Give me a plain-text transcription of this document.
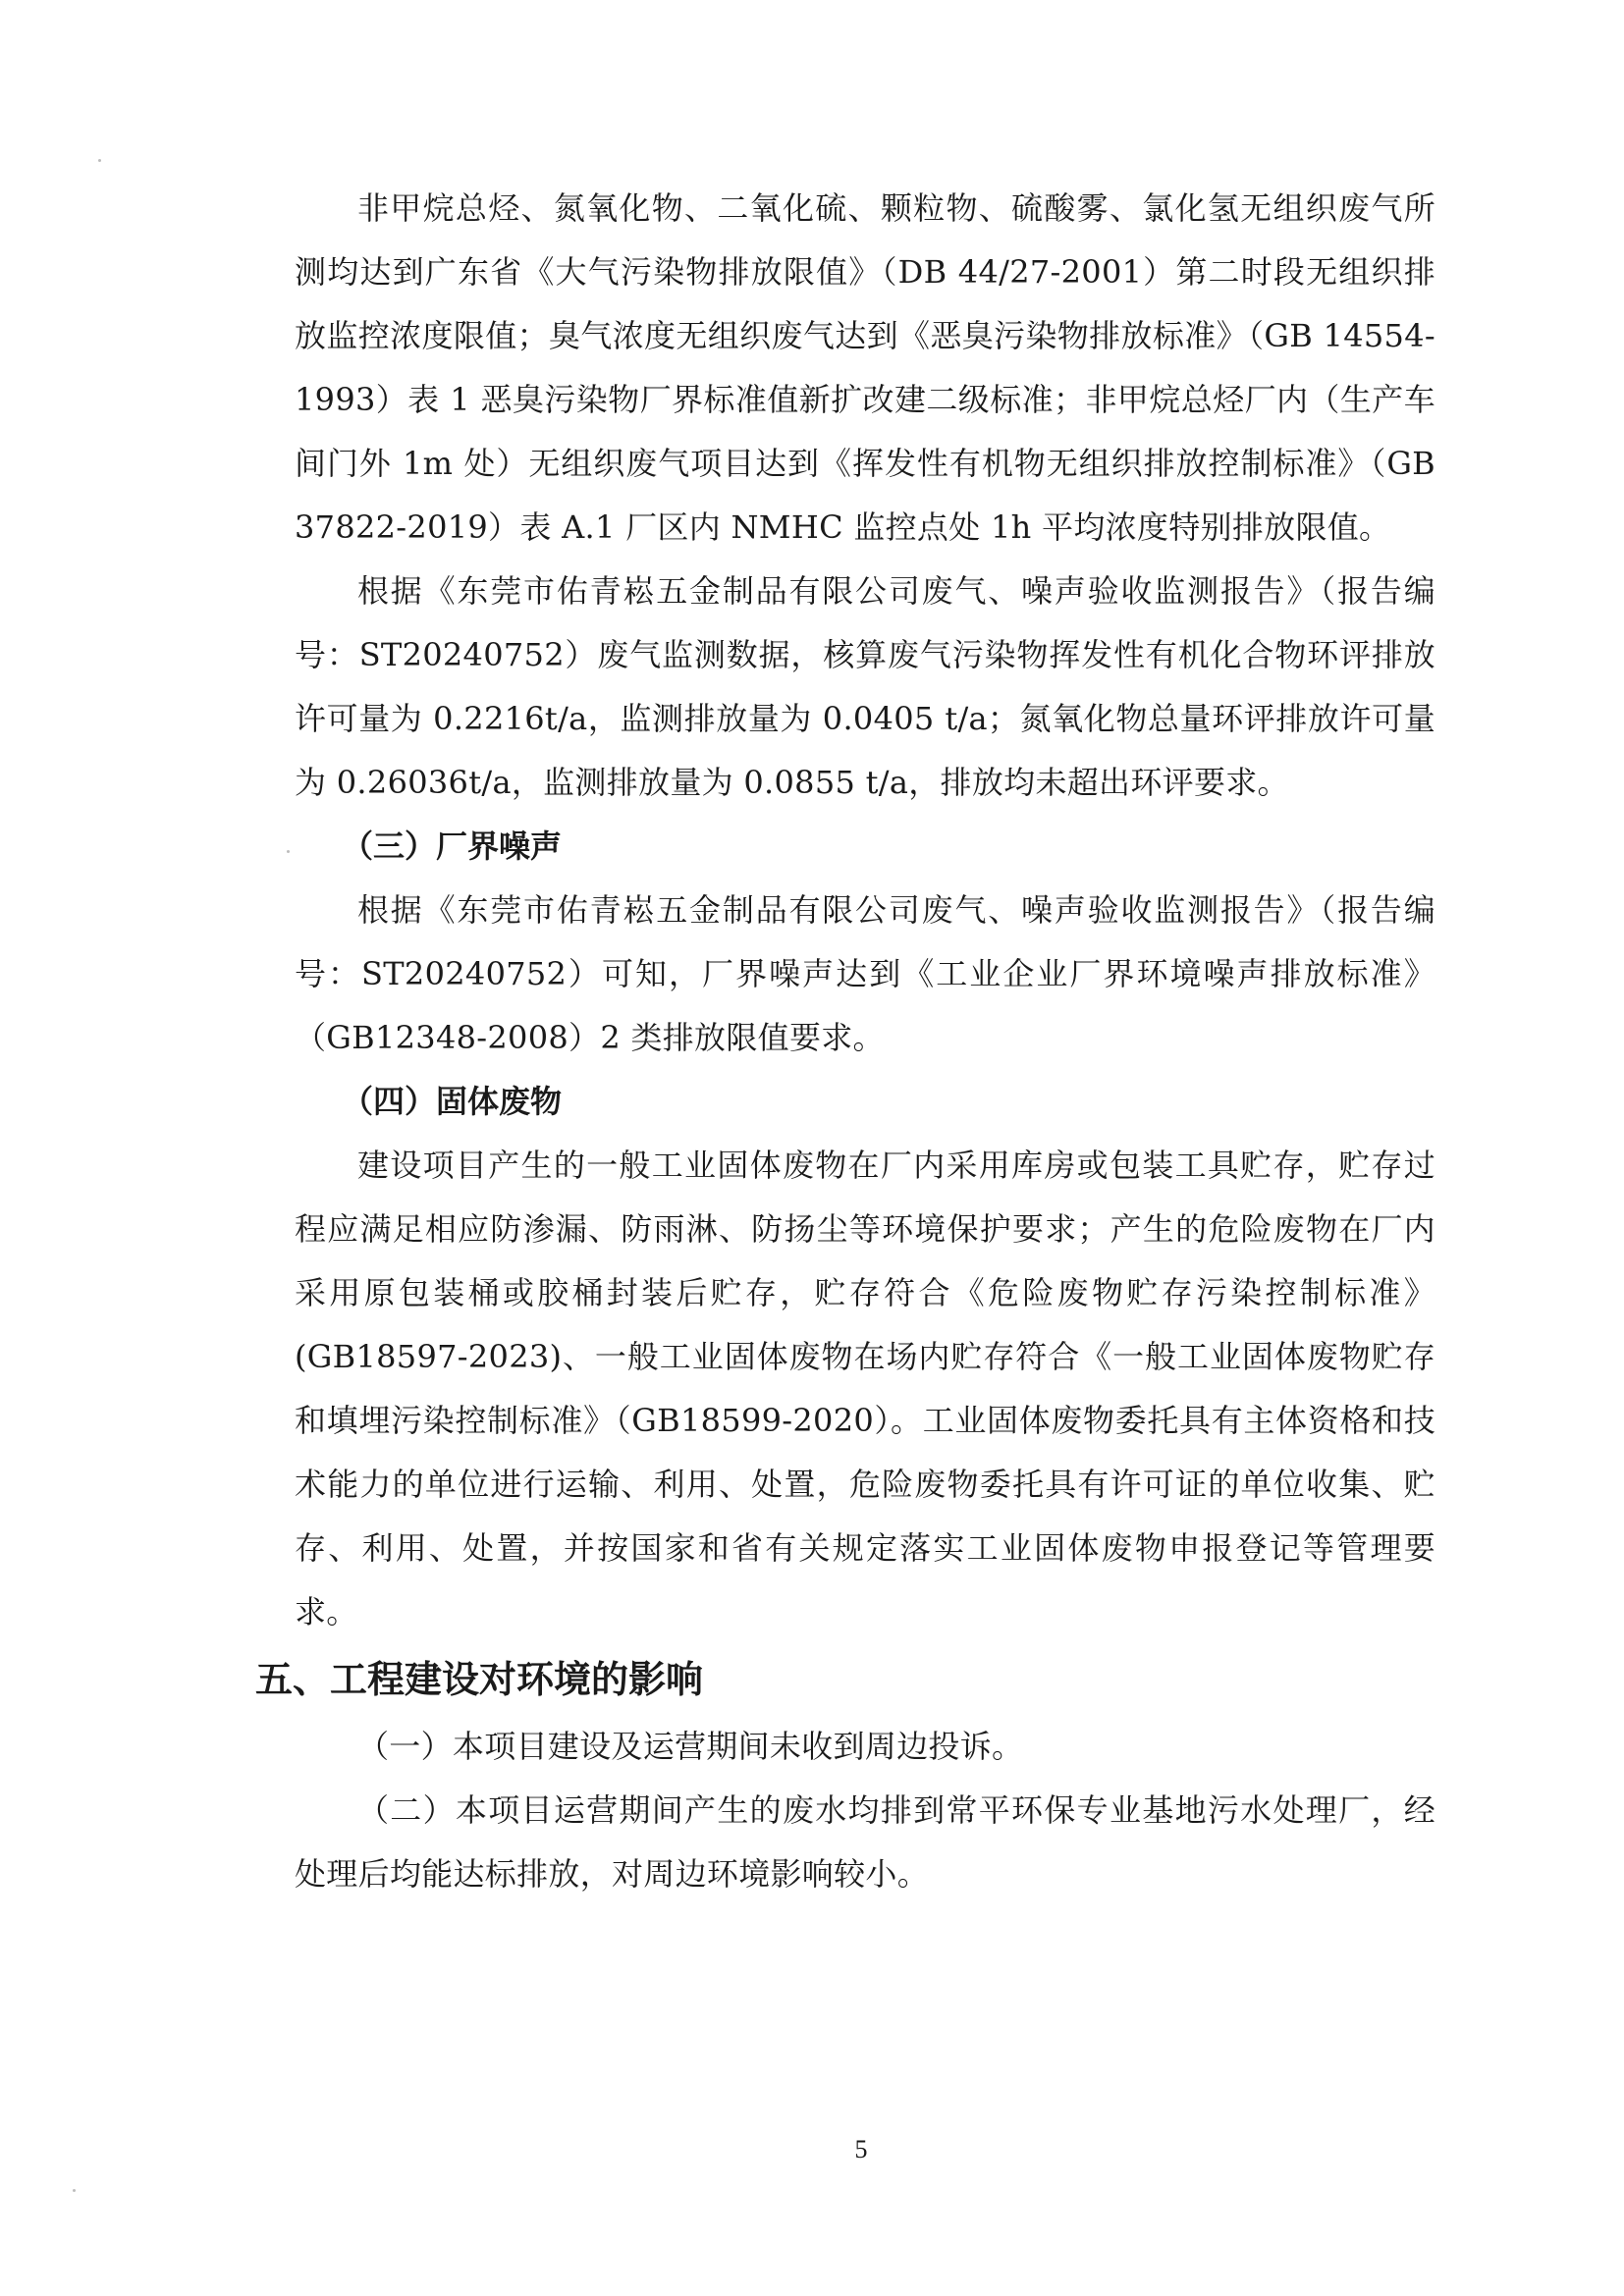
非甲烷总烃、氮氧化物、二氧化硫、颗粒物、硫酸雾、氯化氢无组织废气所测均达到广东省《大气污染物排放限值》（DB 44/27-2001）第二时段无组织排放监控浓度限值；臭气浓度无组织废气达到《恶臭污染物排放标准》（GB 14554-1993）表 1 恶臭污染物厂界标准值新扩改建二级标准；非甲烷总烃厂内（生产车间门外 1m 处）无组织废气项目达到《挥发性有机物无组织排放控制标准》（GB 37822-2019）表 A.1 厂区内 NMHC 监控点处 1h 平均浓度特别排放限值。

根据《东莞市佑青崧五金制品有限公司废气、噪声验收监测报告》（报告编号：ST20240752）废气监测数据，核算废气污染物挥发性有机化合物环评排放许可量为 0.2216t/a，监测排放量为 0.0405 t/a；氮氧化物总量环评排放许可量为 0.26036t/a，监测排放量为 0.0855 t/a，排放均未超出环评要求。

（三）厂界噪声

根据《东莞市佑青崧五金制品有限公司废气、噪声验收监测报告》（报告编号：ST20240752）可知，厂界噪声达到《工业企业厂界环境噪声排放标准》（GB12348-2008）2 类排放限值要求。

（四）固体废物

建设项目产生的一般工业固体废物在厂内采用库房或包装工具贮存，贮存过程应满足相应防渗漏、防雨淋、防扬尘等环境保护要求；产生的危险废物在厂内采用原包装桶或胶桶封装后贮存，贮存符合《危险废物贮存污染控制标准》(GB18597-2023)、一般工业固体废物在场内贮存符合《一般工业固体废物贮存和填埋污染控制标准》（GB18599-2020）。工业固体废物委托具有主体资格和技术能力的单位进行运输、利用、处置，危险废物委托具有许可证的单位收集、贮存、利用、处置，并按国家和省有关规定落实工业固体废物申报登记等管理要求。

五、工程建设对环境的影响

（一）本项目建设及运营期间未收到周边投诉。

（二）本项目运营期间产生的废水均排到常平环保专业基地污水处理厂，经处理后均能达标排放，对周边环境影响较小。

5
